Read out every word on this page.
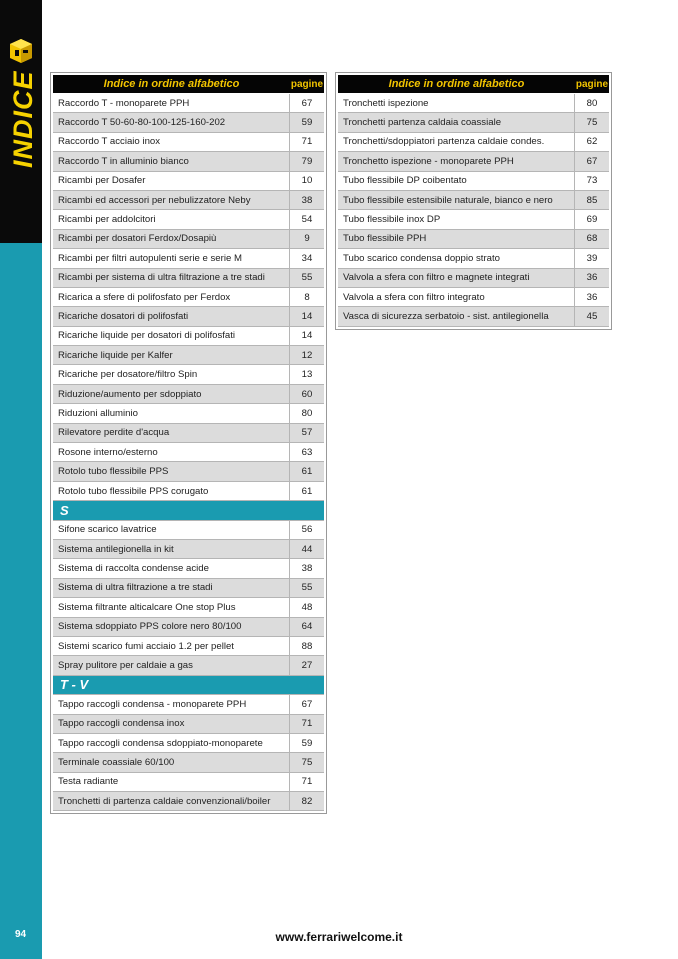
INDICE
94	www.ferrariwelcome.it
Indice in ordine alfabetico	pagine
Raccordo T - monoparete PPH	67
Raccordo T 50-60-80-100-125-160-202	59
Raccordo T acciaio inox	71
Raccordo T in alluminio bianco	79
Ricambi per Dosafer	10
Ricambi ed accessori per nebulizzatore Neby	38
Ricambi per addolcitori	54
Ricambi per dosatori Ferdox/Dosapiù	9
Ricambi per filtri autopulenti serie e serie M	34
Ricambi per sistema di ultra filtrazione a tre stadi	55
Ricarica a sfere di polifosfato per Ferdox	8
Ricariche dosatori di polifosfati	14
Ricariche liquide per dosatori di polifosfati	14
Ricariche liquide per Kalfer	12
Ricariche per dosatore/filtro Spin	13
Riduzione/aumento per sdoppiato	60
Riduzioni alluminio	80
Rilevatore perdite d'acqua	57
Rosone interno/esterno	63
Rotolo tubo flessibile PPS	61
Rotolo tubo flessibile PPS corugato	61
S
Sifone scarico lavatrice	56
Sistema antilegionella in kit	44
Sistema di raccolta condense acide	38
Sistema di ultra filtrazione a tre stadi	55
Sistema filtrante alticalcare One stop Plus	48
Sistema sdoppiato PPS colore nero 80/100	64
Sistemi scarico fumi acciaio 1.2 per pellet	88
Spray pulitore per caldaie a gas	27
T - V
Tappo raccogli condensa - monoparete PPH	67
Tappo raccogli condensa inox	71
Tappo raccogli condensa sdoppiato-monoparete	59
Terminale coassiale 60/100	75
Testa radiante	71
Tronchetti di partenza caldaie convenzionali/boiler	82
Indice in ordine alfabetico	pagine
Tronchetti ispezione	80
Tronchetti partenza caldaia coassiale	75
Tronchetti/sdoppiatori partenza caldaie condes.	62
Tronchetto ispezione - monoparete PPH	67
Tubo flessibile DP coibentato	73
Tubo flessibile estensibile naturale, bianco e nero	85
Tubo flessibile inox DP	69
Tubo flessibile PPH	68
Tubo scarico condensa doppio strato	39
Valvola a sfera con filtro e magnete integrati	36
Valvola a sfera con filtro integrato	36
Vasca di sicurezza serbatoio - sist. antilegionella	45
